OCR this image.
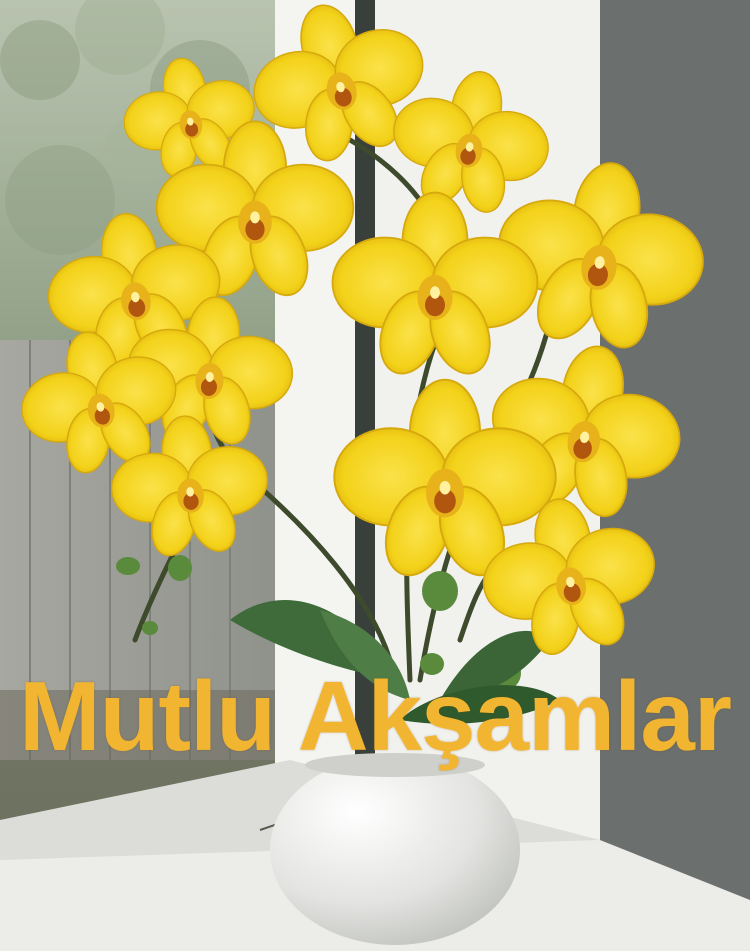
Mutlu Akşamlar
